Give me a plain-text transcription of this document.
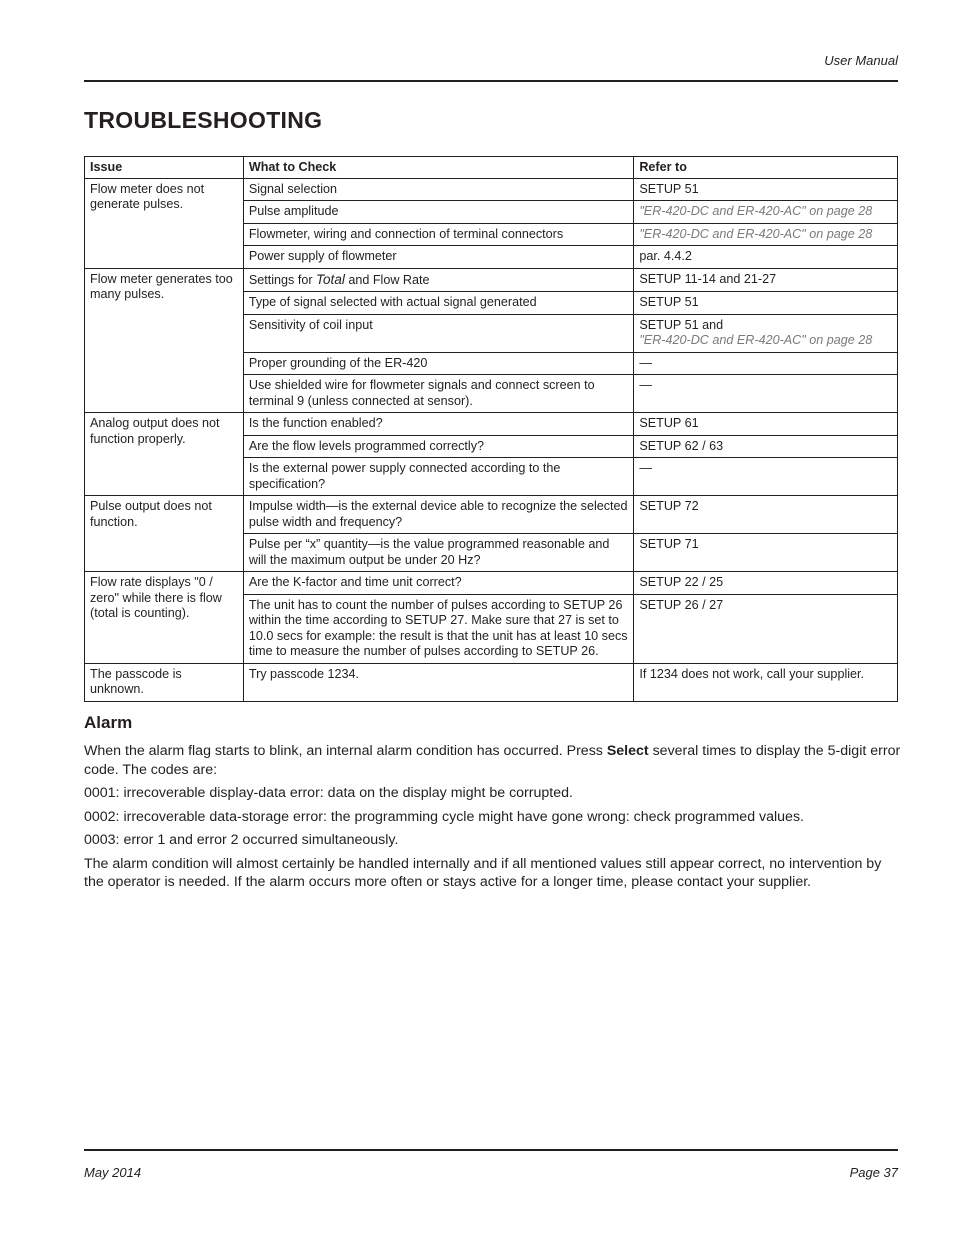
User Manual
TROUBLESHOOTING
Issue	What to Check	Refer to
Flow meter does not generate pulses.	Signal selection	SETUP 51
	Pulse amplitude	"ER-420-DC and ER-420-AC" on page 28

	Flowmeter, wiring and connection of terminal connectors	"ER-420-DC and ER-420-AC" on page 28

	Power supply of flowmeter	par. 4.4.2
Flow meter generates too many pulses.	Settings for Total and Flow Rate	SETUP 11-14 and 21-27
	Type of signal selected with actual signal generated	SETUP 51
	Sensitivity of coil input	SETUP 51 and
"ER-420-DC and ER-420-AC" on page 28

	Proper grounding of the ER-420	—
	Use shielded wire for flowmeter signals and connect screen to terminal 9 (unless connected at sensor).	—
Analog output does not function properly.	Is the function enabled?	SETUP 61
	Are the flow levels programmed correctly?	SETUP 62 / 63
	Is the external power supply connected according to the specification?	—
Pulse output does not function.	Impulse width—is the external device able to recognize the selected pulse width and frequency?	SETUP 72
	Pulse per “x” quantity—is the value programmed reasonable and will the maximum output be under 20 Hz?	SETUP 71
Flow rate displays "0 / zero" while there is flow (total is counting).	Are the K-factor and time unit correct?	SETUP 22 / 25
	The unit has to count the number of pulses according to SETUP 26 within the time according to SETUP 27. Make sure that 27 is set to 10.0 secs for example: the result is that the unit has at least 10 secs time to measure the number of pulses according to SETUP 26.	SETUP 26 / 27
The passcode is unknown.	Try passcode 1234.	If 1234 does not work, call your supplier.
Alarm

When the alarm flag starts to blink, an internal alarm condition has occurred. Press Select several times to display the 5-digit error code. The codes are:

0001: irrecoverable display-data error: data on the display might be corrupted.

0002: irrecoverable data-storage error: the programming cycle might have gone wrong: check programmed values.

0003: error 1 and error 2 occurred simultaneously.

The alarm condition will almost certainly be handled internally and if all mentioned values still appear correct, no intervention by the operator is needed. If the alarm occurs more often or stays active for a longer time, please contact your supplier.

May 2014	Page 37
